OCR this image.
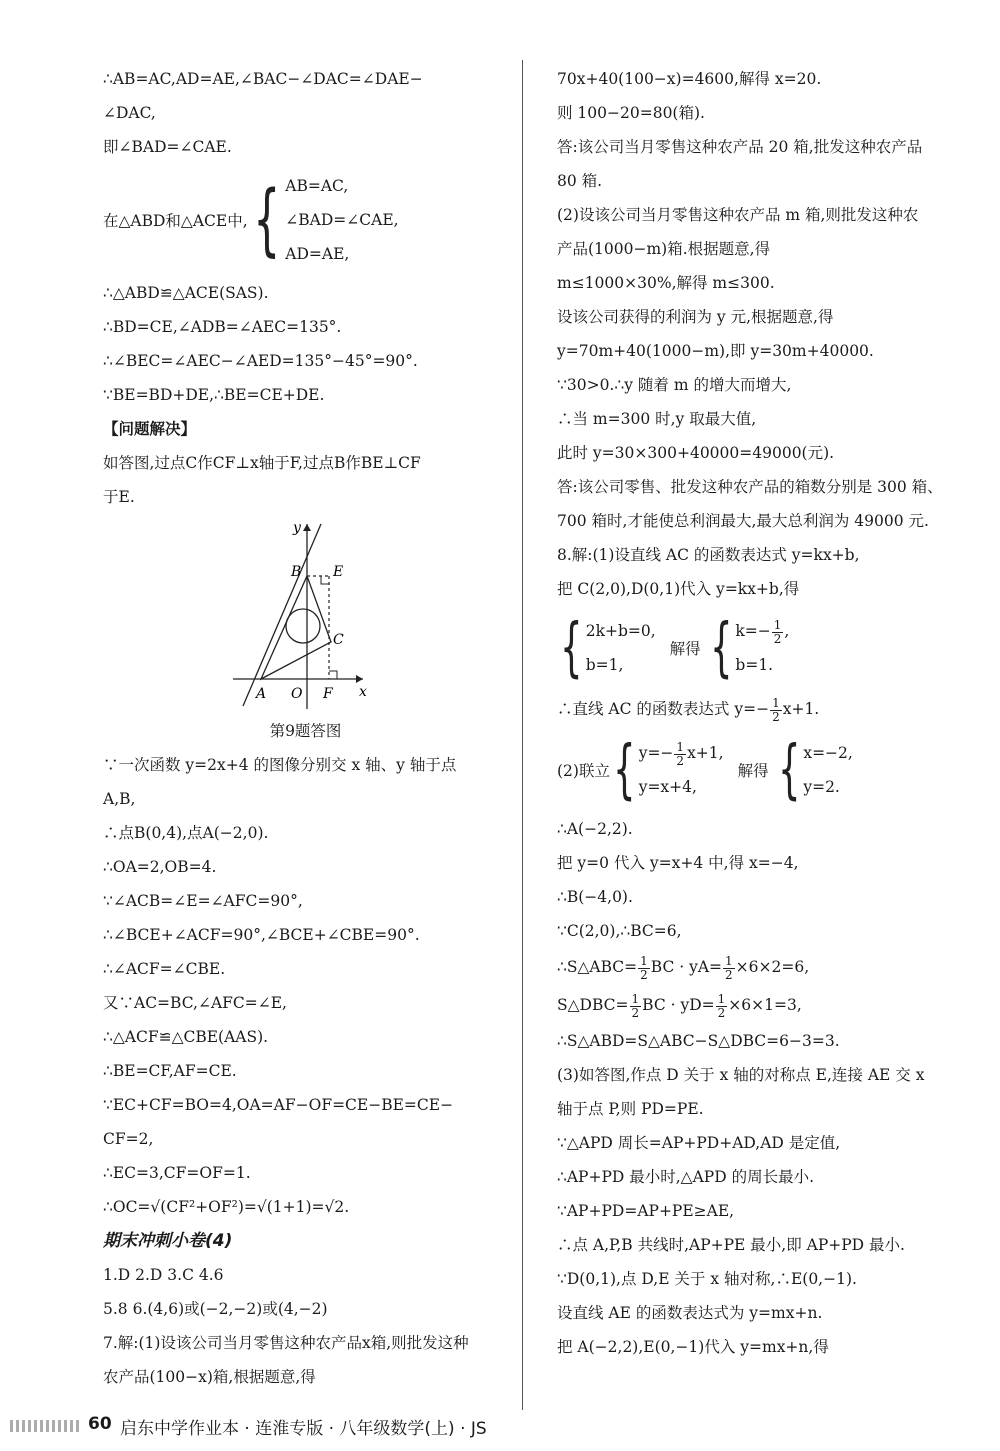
∴AB=AC,AD=AE,∠BAC−∠DAC=∠DAE−
∠DAC,
即∠BAD=∠CAE.
在△ABD和△ACE中, { AB=AC,
∠BAD=∠CAE,
AD=AE,
∴△ABD≌△ACE(SAS).
∴BD=CE,∠ADB=∠AEC=135°.
∴∠BEC=∠AEC−∠AED=135°−45°=90°.
∵BE=BD+DE,∴BE=CE+DE.
【问题解决】
如答图,过点C作CF⊥x轴于F,过点B作BE⊥CF
于E.
y
x
B E
C
A O F
第9题答图
∵一次函数 y=2x+4 的图像分别交 x 轴、y 轴于点
A,B,
∴点B(0,4),点A(−2,0).
∴OA=2,OB=4.
∵∠ACB=∠E=∠AFC=90°,
∴∠BCE+∠ACF=90°,∠BCE+∠CBE=90°.
∴∠ACF=∠CBE.
又∵AC=BC,∠AFC=∠E,
∴△ACF≌△CBE(AAS).
∴BE=CF,AF=CE.
∵EC+CF=BO=4,OA=AF−OF=CE−BE=CE−
CF=2,
∴EC=3,CF=OF=1.
∴OC=√(CF²+OF²)=√(1+1)=√2.
期末冲刺小卷(4)
1.D 2.D 3.C 4.6
5.8 6.(4,6)或(−2,−2)或(4,−2)
7.解:(1)设该公司当月零售这种农产品x箱,则批发这种
农产品(100−x)箱,根据题意,得
70x+40(100−x)=4600,解得 x=20.
则 100−20=80(箱).
答:该公司当月零售这种农产品 20 箱,批发这种农产品
80 箱.
(2)设该公司当月零售这种农产品 m 箱,则批发这种农
产品(1000−m)箱.根据题意,得
m≤1000×30%,解得 m≤300.
设该公司获得的利润为 y 元,根据题意,得
y=70m+40(1000−m),即 y=30m+40000.
∵30>0.∴y 随着 m 的增大而增大,
∴当 m=300 时,y 取最大值,
此时 y=30×300+40000=49000(元).
答:该公司零售、批发这种农产品的箱数分别是 300 箱、
700 箱时,才能使总利润最大,最大总利润为 49000 元.
8.解:(1)设直线 AC 的函数表达式 y=kx+b,
把 C(2,0),D(0,1)代入 y=kx+b,得
{ 2k+b=0,
b=1,
解得 { $k=- \frac{1}{2}$ ,
b=1.
∴直线 AC 的函数表达式 $y=- \frac{1}{2} x+1$.
(2)联立 { $y=- \frac{1}{2} x+1$,
y=x+4,
解得 { x=−2,
y=2.
∴A(−2,2).
把 y=0 代入 y=x+4 中,得 x=−4,
∴B(−4,0).
∵C(2,0),∴BC=6,
∴S△ABC= $\frac{1}{2}$ BC · $yA= \frac{1}{2} \times 6\times 2=6$,
S△DBC= $\frac{1}{2}$ BC · $yD= \frac{1}{2} \times 6\times 1=3$,
∴S△ABD=S△ABC−S△DBC=6−3=3.
(3)如答图,作点 D 关于 x 轴的对称点 E,连接 AE 交 x
轴于点 P,则 PD=PE.
∵△APD 周长=AP+PD+AD,AD 是定值,
∴AP+PD 最小时,△APD 的周长最小.
∵AP+PD=AP+PE≥AE,
∴点 A,P,B 共线时,AP+PE 最小,即 AP+PD 最小.
∵D(0,1),点 D,E 关于 x 轴对称,∴E(0,−1).
设直线 AE 的函数表达式为 y=mx+n.
把 A(−2,2),E(0,−1)代入 y=mx+n,得
60 启东中学作业本 · 连淮专版 · 八年级数学(上) · JS
